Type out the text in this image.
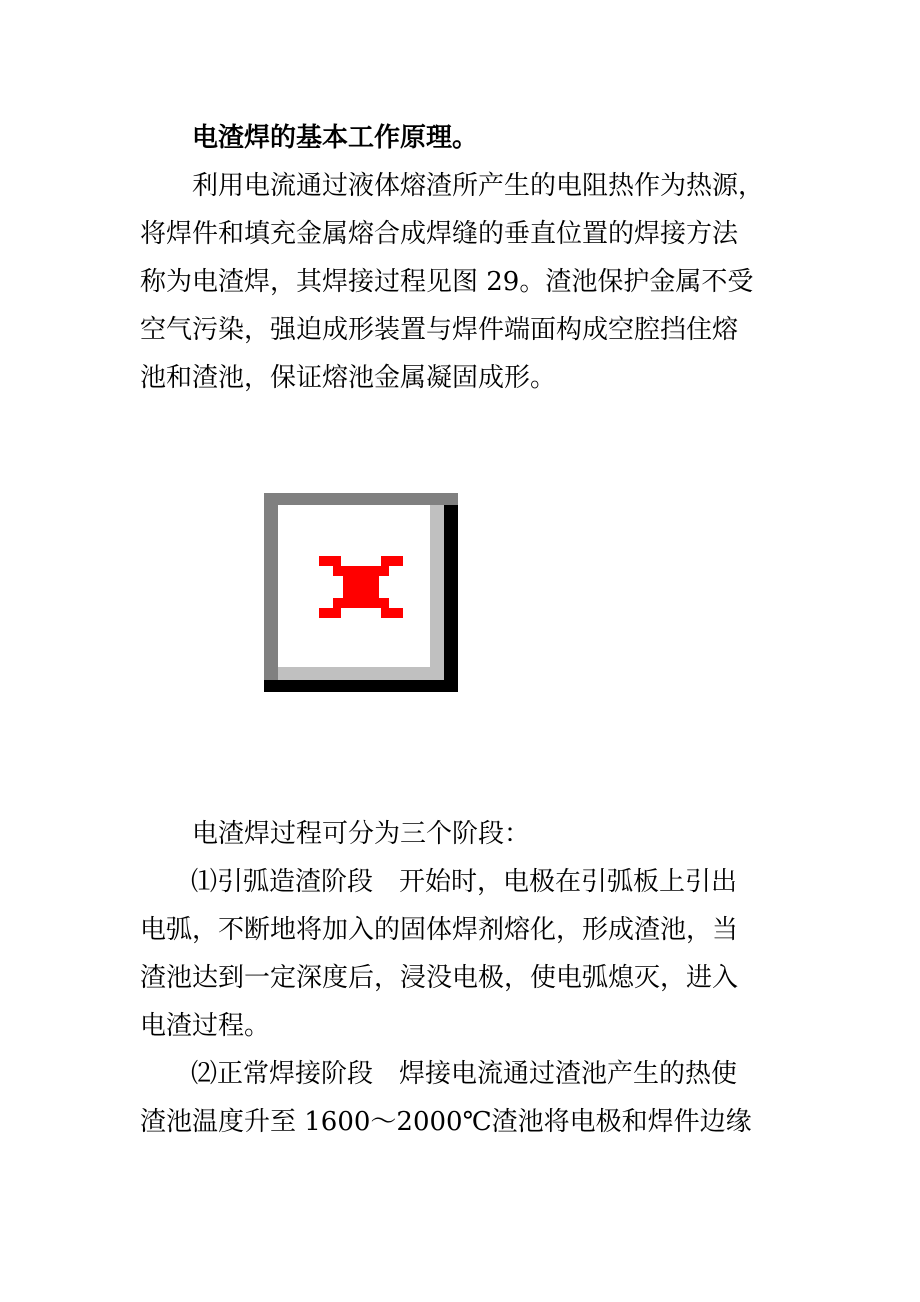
电渣焊的基本工作原理。
利用电流通过液体熔渣所产生的电阻热作为热源，
将焊件和填充金属熔合成焊缝的垂直位置的焊接方法
称为电渣焊，其焊接过程见图 29。渣池保护金属不受
空气污染，强迫成形装置与焊件端面构成空腔挡住熔
池和渣池，保证熔池金属凝固成形。
电渣焊过程可分为三个阶段：
⑴引弧造渣阶段　开始时，电极在引弧板上引出
电弧，不断地将加入的固体焊剂熔化，形成渣池，当
渣池达到一定深度后，浸没电极，使电弧熄灭，进入
电渣过程。
⑵正常焊接阶段　焊接电流通过渣池产生的热使
渣池温度升至 1600～2000℃渣池将电极和焊件边缘
